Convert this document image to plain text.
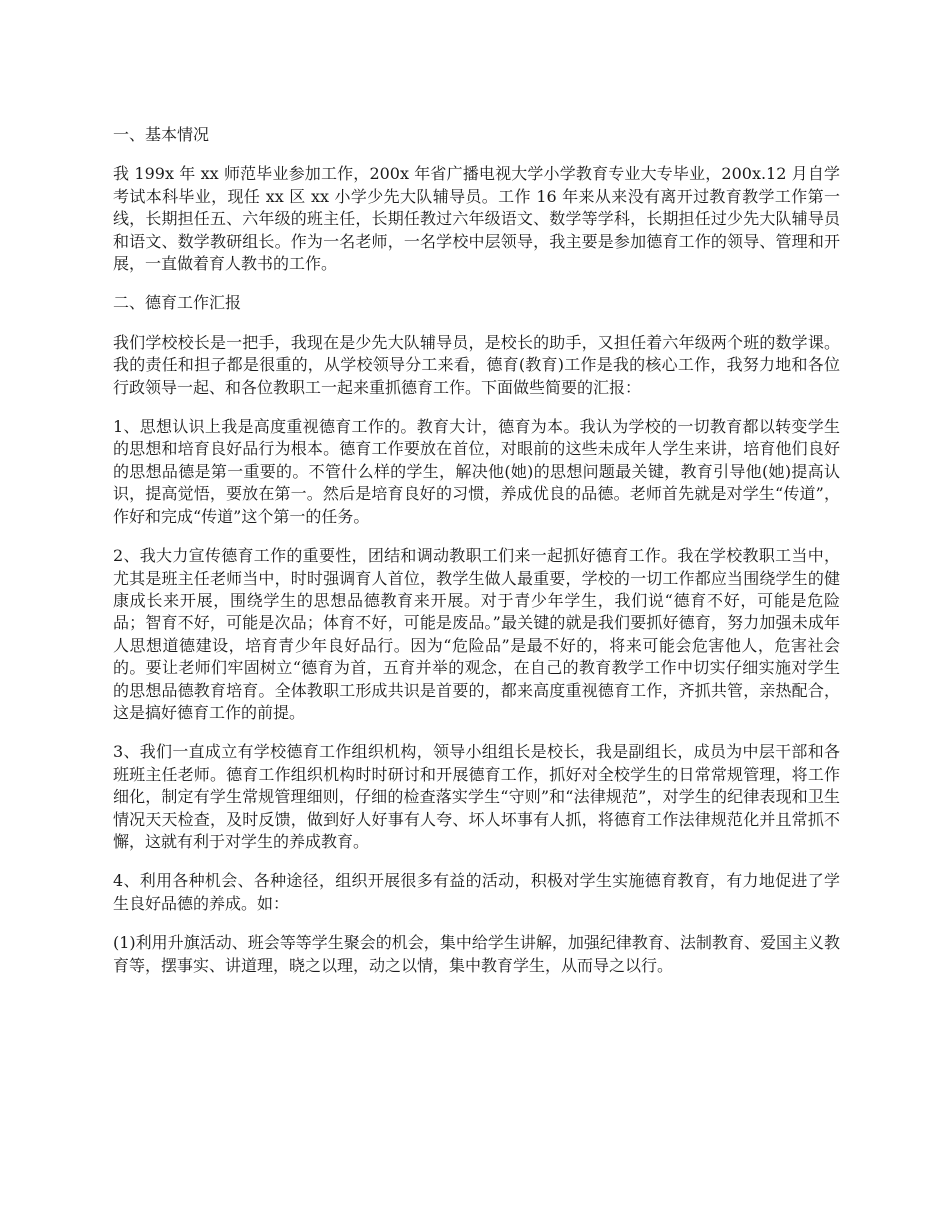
一、基本情况

我 199x 年 xx 师范毕业参加工作，200x 年省广播电视大学小学教育专业大专毕业，200x.12 月自学考试本科毕业，现任 xx 区 xx 小学少先大队辅导员。工作 16 年来从来没有离开过教育教学工作第一线，长期担任五、六年级的班主任，长期任教过六年级语文、数学等学科，长期担任过少先大队辅导员和语文、数学教研组长。作为一名老师，一名学校中层领导，我主要是参加德育工作的领导、管理和开展，一直做着育人教书的工作。

二、德育工作汇报

我们学校校长是一把手，我现在是少先大队辅导员，是校长的助手，又担任着六年级两个班的数学课。我的责任和担子都是很重的，从学校领导分工来看，德育(教育)工作是我的核心工作，我努力地和各位行政领导一起、和各位教职工一起来重抓德育工作。下面做些简要的汇报：

1、思想认识上我是高度重视德育工作的。教育大计，德育为本。我认为学校的一切教育都以转变学生的思想和培育良好品行为根本。德育工作要放在首位，对眼前的这些未成年人学生来讲，培育他们良好的思想品德是第一重要的。不管什么样的学生，解决他(她)的思想问题最关键，教育引导他(她)提高认识，提高觉悟，要放在第一。然后是培育良好的习惯，养成优良的品德。老师首先就是对学生“传道”，作好和完成“传道”这个第一的任务。

2、我大力宣传德育工作的重要性，团结和调动教职工们来一起抓好德育工作。我在学校教职工当中，尤其是班主任老师当中，时时强调育人首位，教学生做人最重要，学校的一切工作都应当围绕学生的健康成长来开展，围绕学生的思想品德教育来开展。对于青少年学生，我们说“德育不好，可能是危险品；智育不好，可能是次品；体育不好，可能是废品。”最关键的就是我们要抓好德育，努力加强未成年人思想道德建设，培育青少年良好品行。因为“危险品”是最不好的，将来可能会危害他人，危害社会的。要让老师们牢固树立“德育为首，五育并举的观念，在自己的教育教学工作中切实仔细实施对学生的思想品德教育培育。全体教职工形成共识是首要的，都来高度重视德育工作，齐抓共管，亲热配合，这是搞好德育工作的前提。

3、我们一直成立有学校德育工作组织机构，领导小组组长是校长，我是副组长，成员为中层干部和各班班主任老师。德育工作组织机构时时研讨和开展德育工作，抓好对全校学生的日常常规管理，将工作细化，制定有学生常规管理细则，仔细的检查落实学生“守则”和“法律规范”，对学生的纪律表现和卫生情况天天检查，及时反馈，做到好人好事有人夸、坏人坏事有人抓，将德育工作法律规范化并且常抓不懈，这就有利于对学生的养成教育。

4、利用各种机会、各种途径，组织开展很多有益的活动，积极对学生实施德育教育，有力地促进了学生良好品德的养成。如：

(1)利用升旗活动、班会等等学生聚会的机会，集中给学生讲解，加强纪律教育、法制教育、爱国主义教育等，摆事实、讲道理，晓之以理，动之以情，集中教育学生，从而导之以行。
